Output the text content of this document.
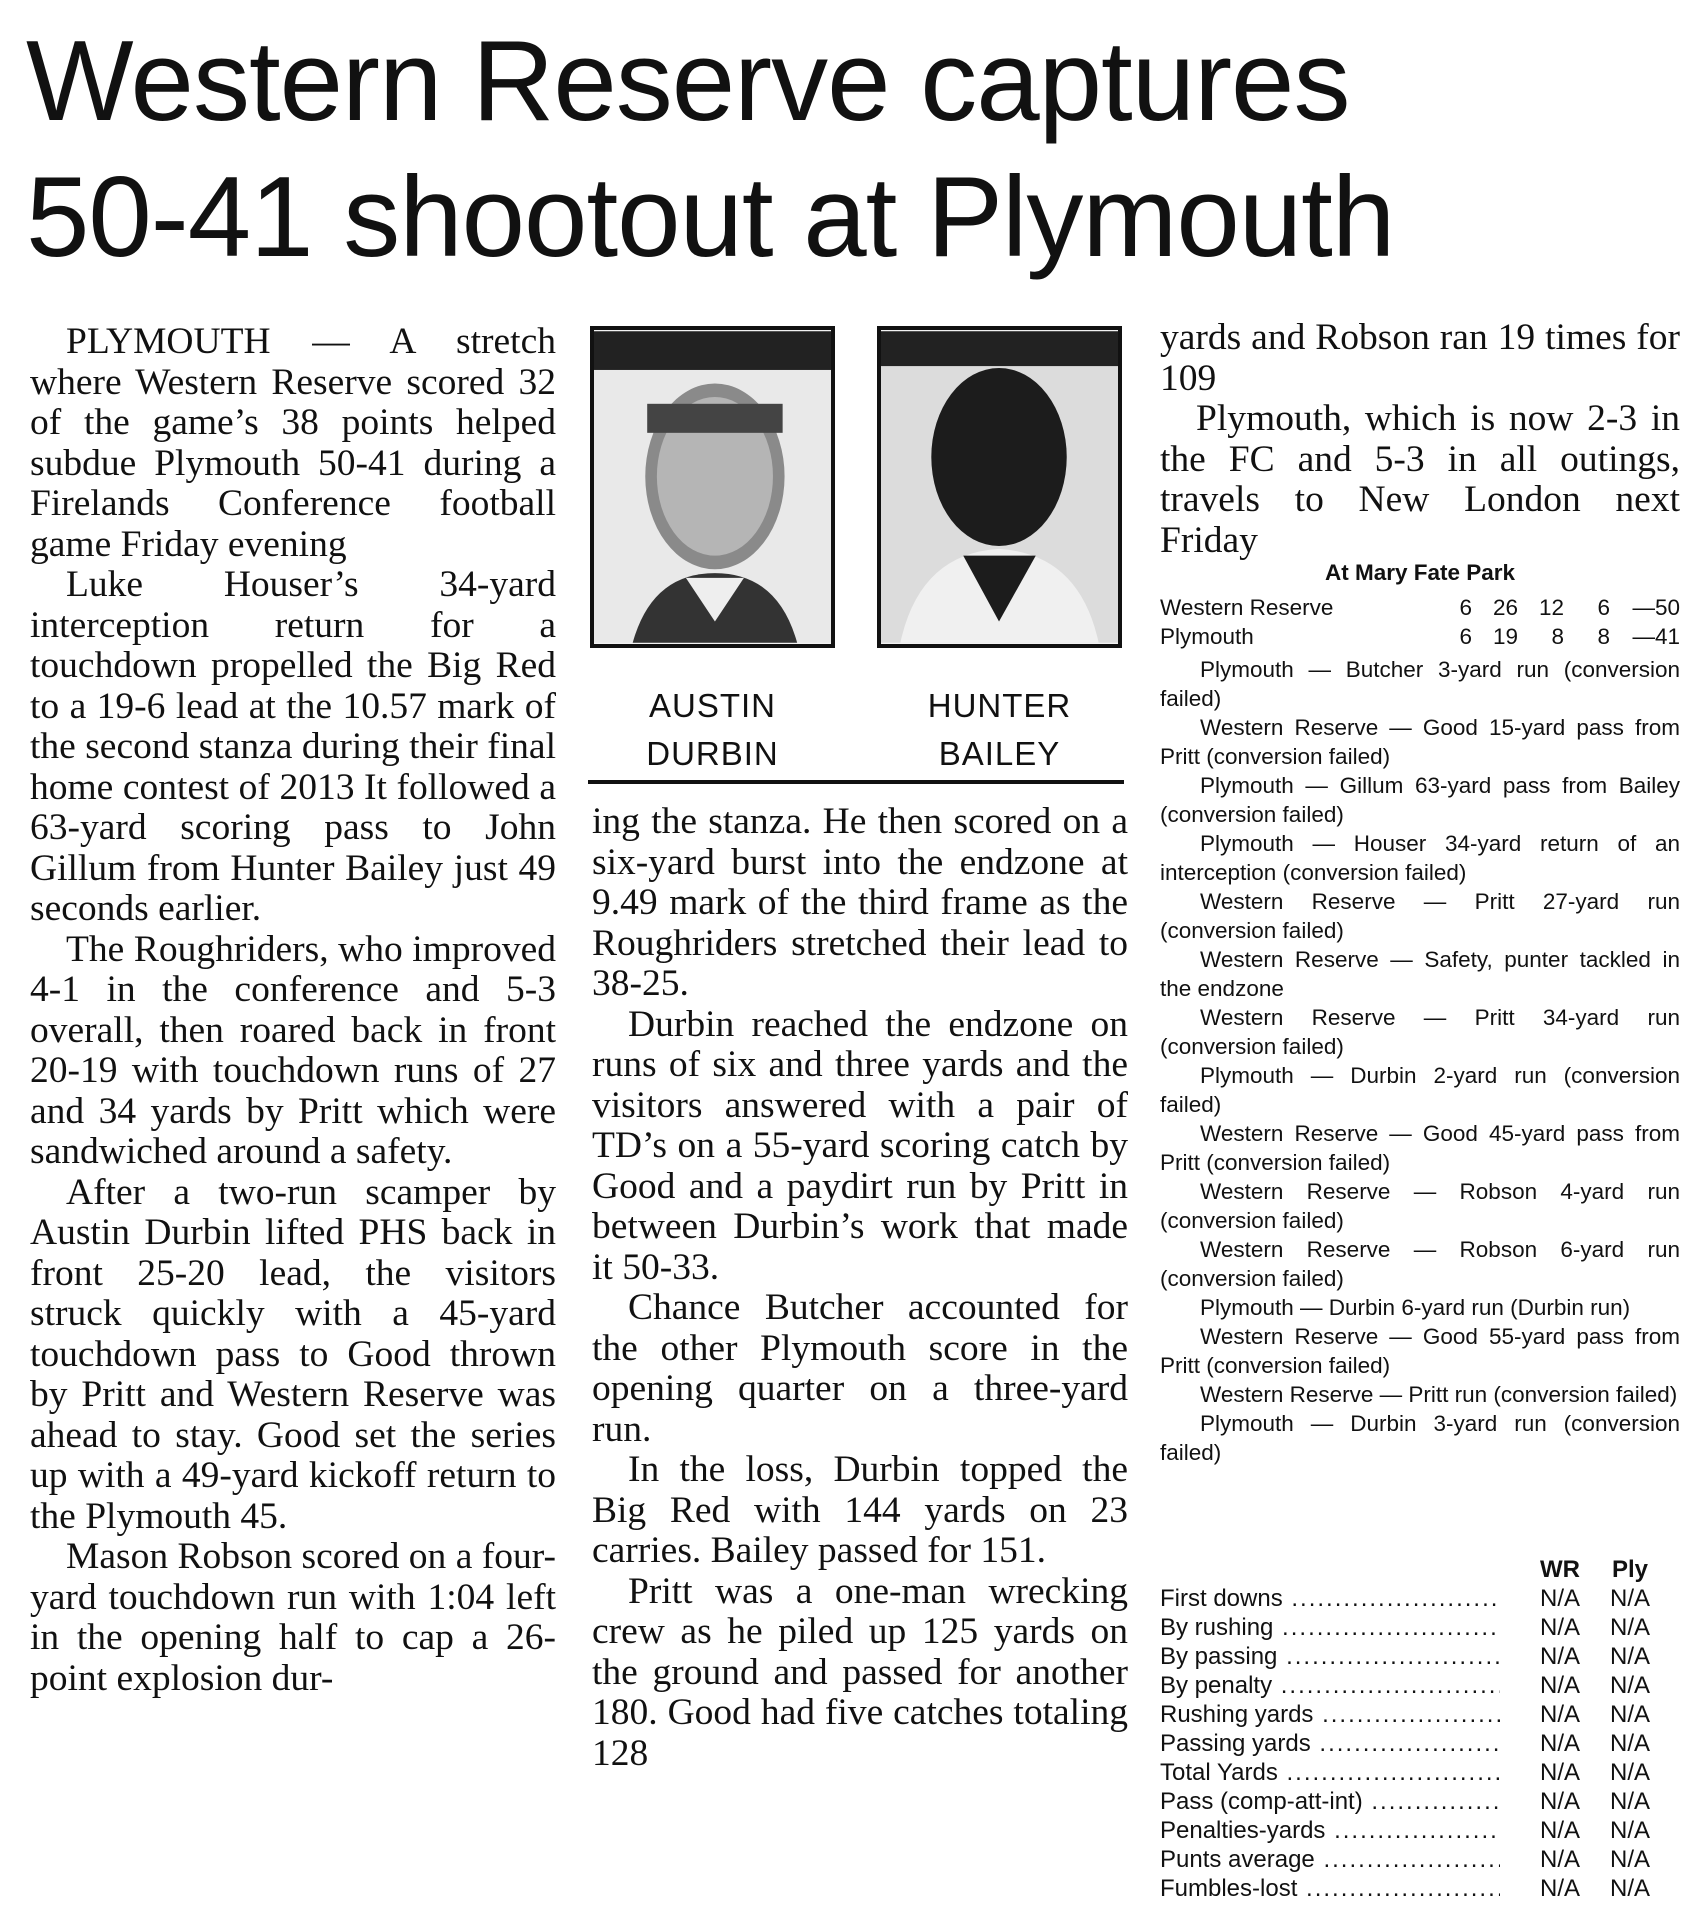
Western Reserve captures
50-41 shootout at Plymouth

PLYMOUTH — A stretch where Western Reserve scored 32 of the game’s 38 points helped subdue Plymouth 50-41 during a Firelands Conference football game Friday evening

Luke Houser’s 34-yard interception return for a touchdown propelled the Big Red to a 19-6 lead at the 10.57 mark of the second stanza during their final home contest of 2013 It followed a 63-yard scoring pass to John Gillum from Hunter Bailey just 49 seconds earlier.

The Roughriders, who improved 4-1 in the conference and 5-3 overall, then roared back in front 20-19 with touchdown runs of 27 and 34 yards by Pritt which were sandwiched around a safety.

After a two-run scamper by Austin Durbin lifted PHS back in front 25-20 lead, the visitors struck quickly with a 45-yard touchdown pass to Good thrown by Pritt and Western Reserve was ahead to stay. Good set the series up with a 49-yard kickoff return to the Plymouth 45.

Mason Robson scored on a four-yard touchdown run with 1:04 left in the opening half to cap a 26-point explosion dur-

AUSTIN
DURBIN
HUNTER
BAILEY

ing the stanza. He then scored on a six-yard burst into the endzone at 9.49 mark of the third frame as the Roughriders stretched their lead to 38-25.

Durbin reached the endzone on runs of six and three yards and the visitors answered with a pair of TD’s on a 55-yard scoring catch by Good and a paydirt run by Pritt in between Durbin’s work that made it 50-33.

Chance Butcher accounted for the other Plymouth score in the opening quarter on a three-yard run.

In the loss, Durbin topped the Big Red with 144 yards on 23 carries. Bailey passed for 151.

Pritt was a one-man wrecking crew as he piled up 125 yards on the ground and passed for another 180. Good had five catches totaling 128

yards and Robson ran 19 times for 109

Plymouth, which is now 2-3 in the FC and 5-3 in all outings, travels to New London next Friday

At Mary Fate Park
Western Reserve	6 26 12	6 —50
Plymouth	6 19	8	8 —41

Plymouth — Butcher 3-yard run (conversion failed)

Western Reserve — Good 15-yard pass from Pritt (conversion failed)

Plymouth — Gillum 63-yard pass from Bailey (conversion failed)

Plymouth — Houser 34-yard return of an interception (conversion failed)

Western Reserve — Pritt 27-yard run (conversion failed)

Western Reserve — Safety, punter tackled in the endzone

Western Reserve — Pritt 34-yard run (conversion failed)

Plymouth — Durbin 2-yard run (conversion failed)

Western Reserve — Good 45-yard pass from Pritt (conversion failed)

Western Reserve — Robson 4-yard run (conversion failed)

Western Reserve — Robson 6-yard run (conversion failed)

Plymouth — Durbin 6-yard run (Durbin run)

Western Reserve — Good 55-yard pass from Pritt (conversion failed)

Western Reserve — Pritt run (conversion failed)

Plymouth — Durbin 3-yard run (conversion failed)

WR	Ply
First downs .....	N/A	N/A
By rushing .....	N/A	N/A
By passing .....	N/A	N/A
By penalty .....	N/A	N/A
Rushing yards .....	N/A	N/A
Passing yards .....	N/A	N/A
Total Yards .....	N/A	N/A
Pass (comp-att-int) .....	N/A	N/A
Penalties-yards .....	N/A	N/A
Punts average .....	N/A	N/A
Fumbles-lost .....	N/A	N/A
